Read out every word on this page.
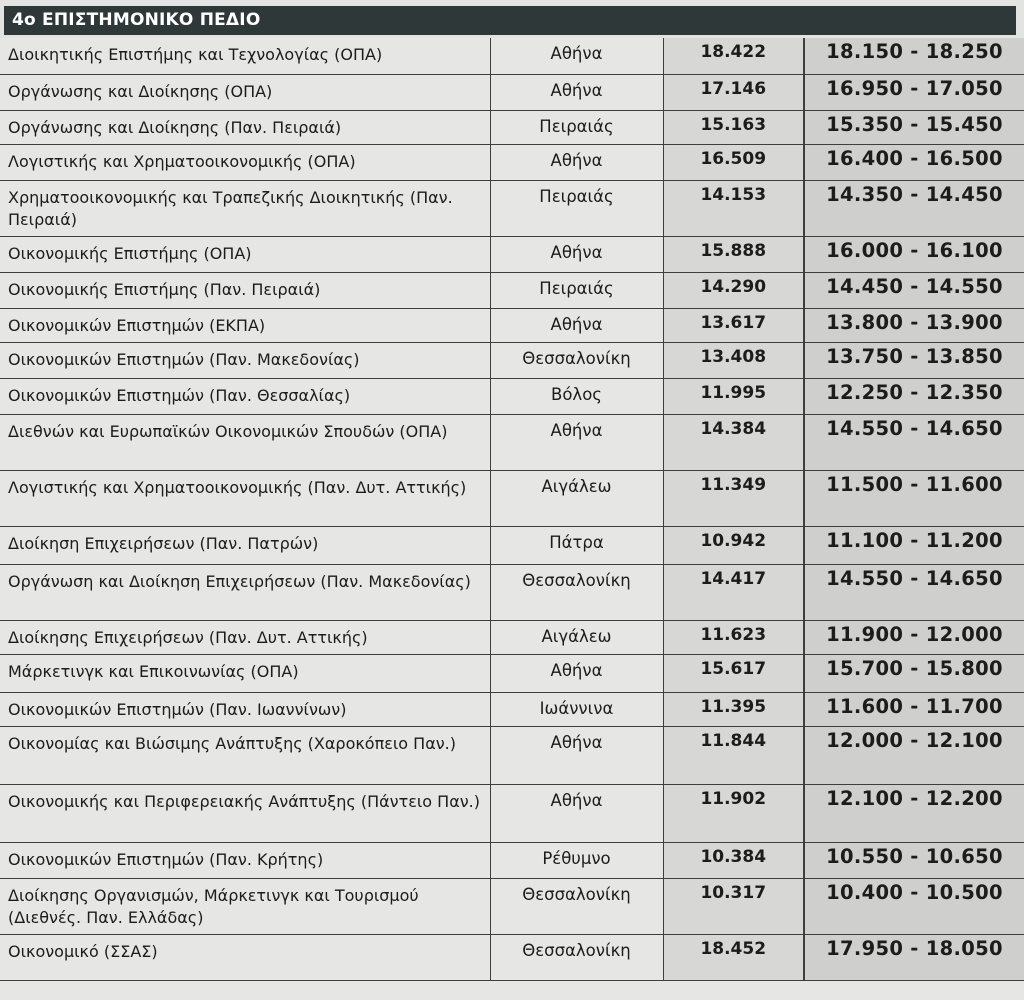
4ο ΕΠΙΣΤΗΜΟΝΙΚΟ ΠΕΔΙΟ
Διοικητικής Επιστήμης και Τεχνολογίας (ΟΠΑ)	Αθήνα	18.422	18.150 - 18.250
Οργάνωσης και Διοίκησης (ΟΠΑ)	Αθήνα	17.146	16.950 - 17.050
Οργάνωσης και Διοίκησης (Παν. Πειραιά)	Πειραιάς	15.163	15.350 - 15.450
Λογιστικής και Χρηματοοικονομικής (ΟΠΑ)	Αθήνα	16.509	16.400 - 16.500
Χρηματοοικονομικής και Τραπεζικής Διοικητικής (Παν. Πειραιά)	Πειραιάς	14.153	14.350 - 14.450
Οικονομικής Επιστήμης (ΟΠΑ)	Αθήνα	15.888	16.000 - 16.100
Οικονομικής Επιστήμης (Παν. Πειραιά)	Πειραιάς	14.290	14.450 - 14.550
Οικονομικών Επιστημών (ΕΚΠΑ)	Αθήνα	13.617	13.800 - 13.900
Οικονομικών Επιστημών (Παν. Μακεδονίας)	Θεσσαλονίκη	13.408	13.750 - 13.850
Οικονομικών Επιστημών (Παν. Θεσσαλίας)	Βόλος	11.995	12.250 - 12.350
Διεθνών και Ευρωπαϊκών Οικονομικών Σπουδών (ΟΠΑ)	Αθήνα	14.384	14.550 - 14.650
Λογιστικής και Χρηματοοικονομικής (Παν. Δυτ. Αττικής)	Αιγάλεω	11.349	11.500 - 11.600
Διοίκηση Επιχειρήσεων (Παν. Πατρών)	Πάτρα	10.942	11.100 - 11.200
Οργάνωση και Διοίκηση Επιχειρήσεων (Παν. Μακεδονίας)	Θεσσαλονίκη	14.417	14.550 - 14.650
Διοίκησης Επιχειρήσεων (Παν. Δυτ. Αττικής)	Αιγάλεω	11.623	11.900 - 12.000
Μάρκετινγκ και Επικοινωνίας (ΟΠΑ)	Αθήνα	15.617	15.700 - 15.800
Οικονομικών Επιστημών (Παν. Ιωαννίνων)	Ιωάννινα	11.395	11.600 - 11.700
Οικονομίας και Βιώσιμης Ανάπτυξης (Χαροκόπειο Παν.)	Αθήνα	11.844	12.000 - 12.100
Οικονομικής και Περιφερειακής Ανάπτυξης (Πάντειο Παν.)	Αθήνα	11.902	12.100 - 12.200
Οικονομικών Επιστημών (Παν. Κρήτης)	Ρέθυμνο	10.384	10.550 - 10.650
Διοίκησης Οργανισμών, Μάρκετινγκ και Τουρισμού (Διεθνές. Παν. Ελλάδας)	Θεσσαλονίκη	10.317	10.400 - 10.500
Οικονομικό (ΣΣΑΣ)	Θεσσαλονίκη	18.452	17.950 - 18.050
